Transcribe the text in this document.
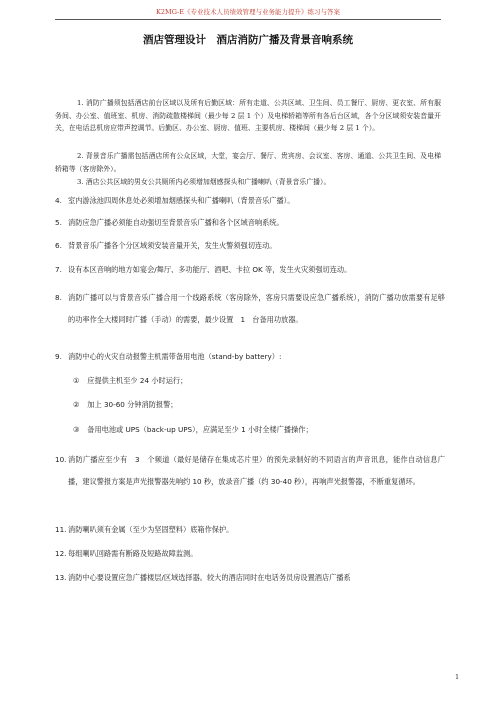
K2MG-E《专业技术人员绩效管理与业务能力提升》练习与答案
酒店管理设计　酒店消防广播及背景音响系统
1. 消防广播须包括酒店前台区域以及所有后勤区域：所有走道、公共区域、卫生间、员工餐厅、厨房、更衣室、所有服务间、办公室、值班室、机房、消防疏散楼梯间（最少每 2 层 1 个）及电梯轿箱等所有各后台区域，各个分区域须安装音量开关，在电话总机房应带声控调节。后勤区、办公室、厨房、值班、主要机房、楼梯间（最少每 2 层 1 个）。
2. 背景音乐广播需包括酒店所有公众区域，大堂，宴会厅、餐厅、贵宾房、会议室、客房、通道、公共卫生间、及电梯轿箱等（客房除外）。
3. 酒店公共区域的男女公共厕所内必须增加烟感探头和广播喇叭（背景音乐广播）。
4. 室内游泳池四周休息处必须增加烟感探头和广播喇叭（背景音乐广播）。
5. 消防应急广播必须能自动强切至背景音乐广播和各个区域音响系统。
6. 背景音乐广播各个分区域须安装音量开关，发生火警须强切连动。
7. 设有本区音响的地方如宴会/舞厅、多功能厅、酒吧、卡拉 OK 等，发生火灾须强切连动。
8. 消防广播可以与背景音乐广播合用一个线路系统（客房除外，客房只需要设应急广播系统），消防广播功放需要有足够的功率作全大楼同时广播（手动）的需要，最少设置　1　台备用功放器。
9. 消防中心的火灾自动报警主机需带备用电池（stand-by battery）:
① 应提供主机至少 24 小时运行；
② 加上 30-60 分钟消防报警；
③ 备用电池或 UPS（back-up UPS），应满足至少 1 小时全楼广播操作；
10. 消防广播应至少有　3　个频道（最好是储存在集成芯片里）的预先录制好的不同语言的声音讯息，能作自动信息广播，建议警报方案是声光报警器先响约 10 秒，放录音广播（约 30-40 秒），再响声光报警器，不断重复循环。
11. 消防喇叭须有金属（至少为坚固塑料）底箱作保护。
12. 每组喇叭回路需有断路及短路故障监测。
13. 消防中心要设置应急广播楼层/区域选择器。较大的酒店同时在电话务员房设置酒店广播系
1
